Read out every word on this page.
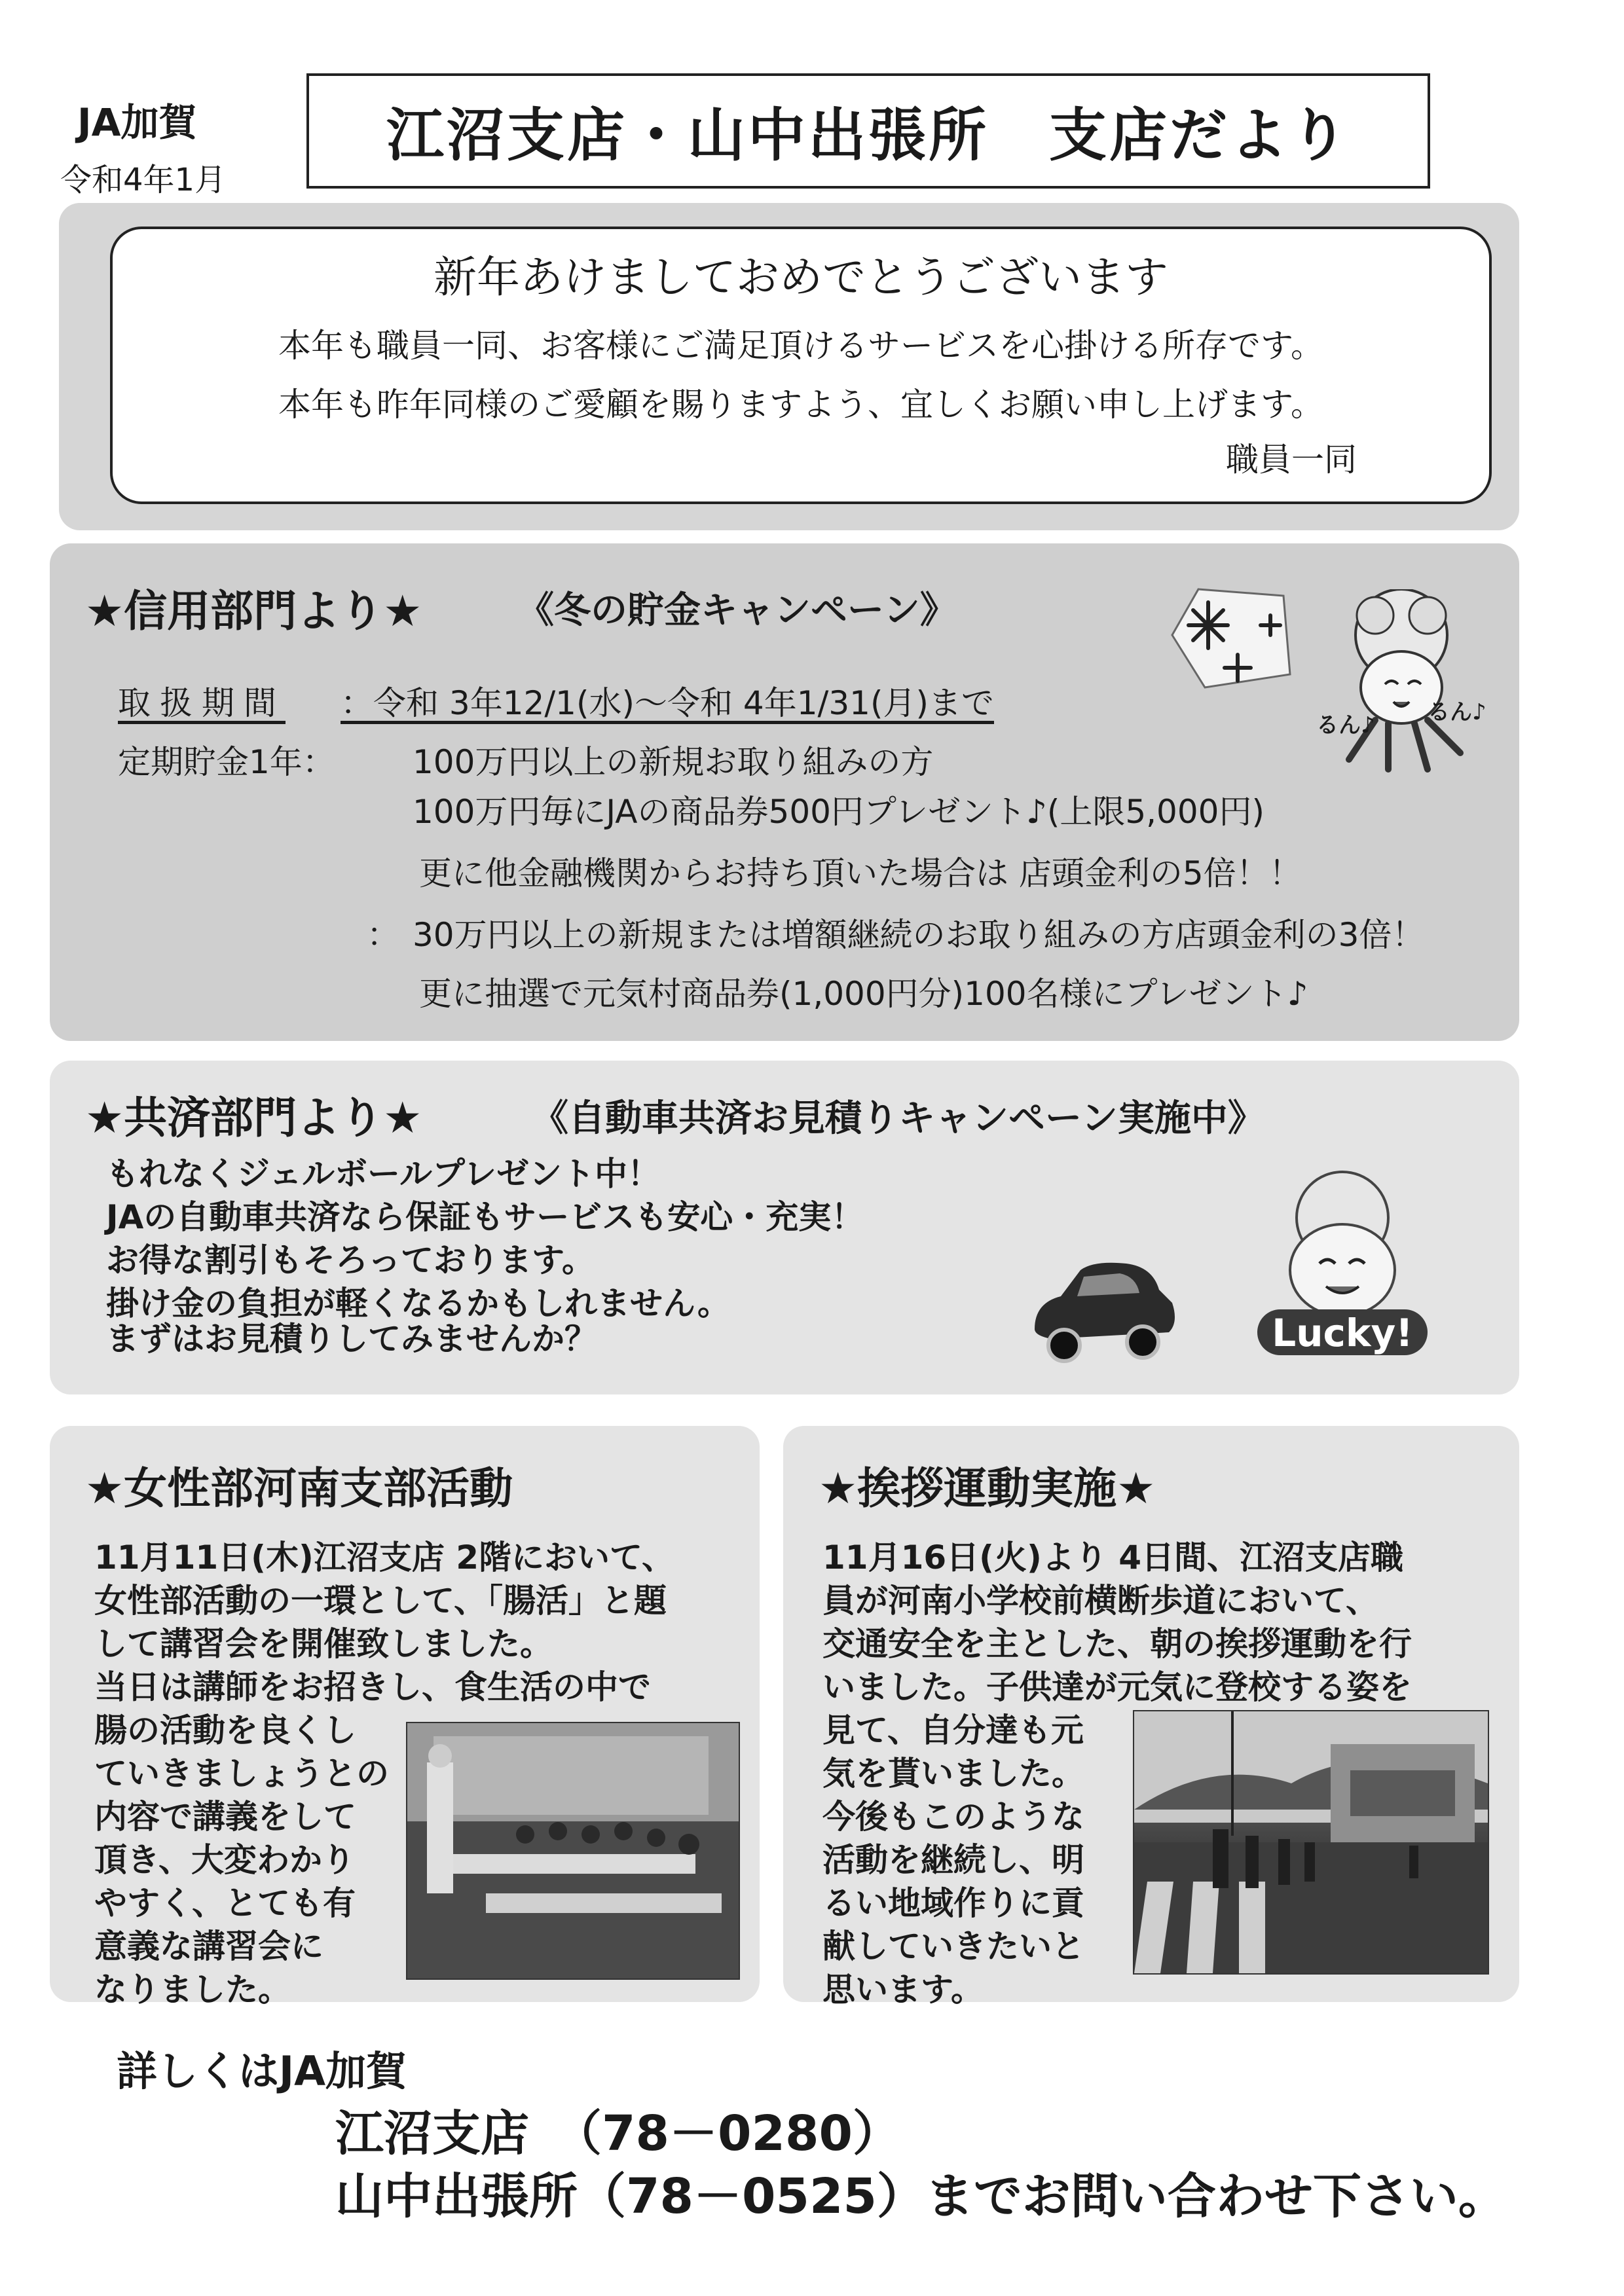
JA加賀
令和4年1月
江沼支店・山中出張所　支店だより
新年あけましておめでとうございます
本年も職員一同、お客様にご満足頂けるサービスを心掛ける所存です。
本年も昨年同様のご愛顧を賜りますよう、宜しくお願い申し上げます。
職員一同
★信用部門より★	《冬の貯金キャンペーン》
取扱期間 ：令和 3年12/1(水)～令和 4年1/31(月)まで
定期貯金1年： 100万円以上の新規お取り組みの方
100万円毎にJAの商品券500円プレゼント♪(上限5,000円)
更に他金融機関からお持ち頂いた場合は 店頭金利の5倍！！
： 30万円以上の新規または増額継続のお取り組みの方店頭金利の3倍！
更に抽選で元気村商品券(1,000円分)100名様にプレゼント♪
るん♪ るん♪
★共済部門より★	《自動車共済お見積りキャンペーン実施中》
もれなくジェルボールプレゼント中！
JAの自動車共済なら保証もサービスも安心・充実！
お得な割引もそろっております。
掛け金の負担が軽くなるかもしれません。
まずはお見積りしてみませんか？	Lucky!
★女性部河南支部活動
11月11日(木)江沼支店 2階において、
女性部活動の一環として、「腸活」と題
して講習会を開催致しました。
当日は講師をお招きし、食生活の中で
腸の活動を良くし
ていきましょうとの
内容で講義をして
頂き、大変わかり
やすく、とても有
意義な講習会に
なりました。
★挨拶運動実施★
11月16日(火)より 4日間、江沼支店職
員が河南小学校前横断歩道において、
交通安全を主とした、朝の挨拶運動を行
いました。子供達が元気に登校する姿を
見て、自分達も元
気を貰いました。
今後もこのような
活動を継続し、明
るい地域作りに貢
献していきたいと
思います。
詳しくはJA加賀
江沼支店　（78－0280）
山中出張所（78－0525）までお問い合わせ下さい。
